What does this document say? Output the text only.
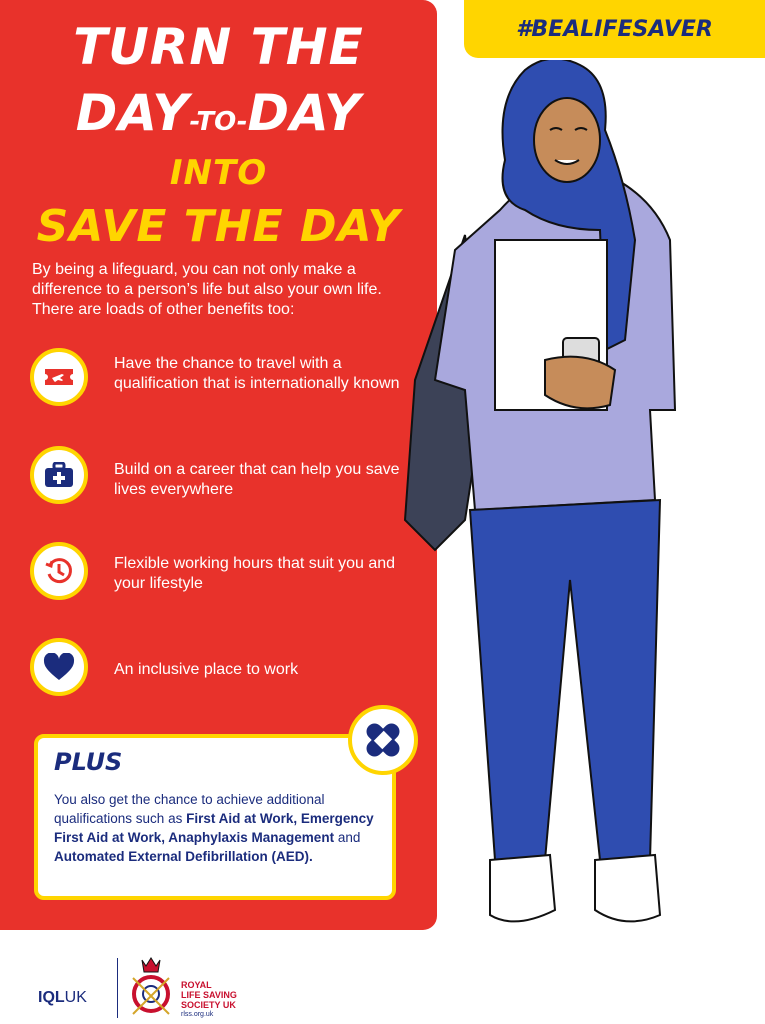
TURN THE
DAY-TO-DAY
INTO
SAVE THE DAY

By being a lifeguard, you can not only make a difference to a person’s life but also your own life. There are loads of other benefits too:

Have the chance to travel with a qualification that is internationally known
Build on a career that can help you save lives everywhere
Flexible working hours that suit you and your lifestyle
An inclusive place to work
PLUS
You also get the chance to achieve additional qualifications such as First Aid at Work, Emergency First Aid at Work, Anaphylaxis Management and Automated External Defibrillation (AED).
#BEALIFESAVER
IQLUK
ROYAL
LIFE SAVING
SOCIETY UK
rlss.org.uk
